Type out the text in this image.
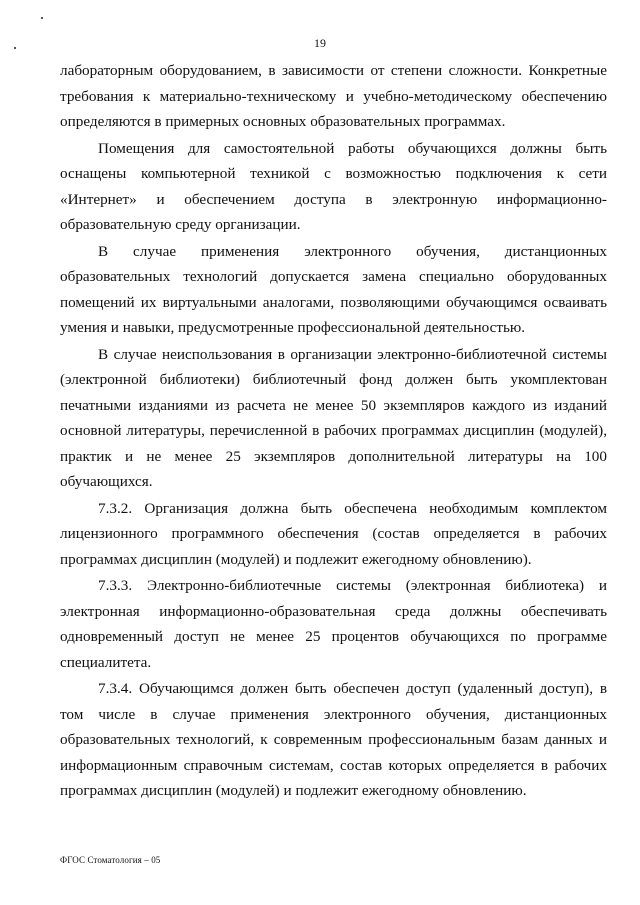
19

лабораторным оборудованием, в зависимости от степени сложности. Конкретные требования к материально-техническому и учебно-методическому обеспечению определяются в примерных основных образовательных программах.

Помещения для самостоятельной работы обучающихся должны быть оснащены компьютерной техникой с возможностью подключения к сети «Интернет» и обеспечением доступа в электронную информационно-образовательную среду организации.

В случае применения электронного обучения, дистанционных образовательных технологий допускается замена специально оборудованных помещений их виртуальными аналогами, позволяющими обучающимся осваивать умения и навыки, предусмотренные профессиональной деятельностью.

В случае неиспользования в организации электронно-библиотечной системы (электронной библиотеки) библиотечный фонд должен быть укомплектован печатными изданиями из расчета не менее 50 экземпляров каждого из изданий основной литературы, перечисленной в рабочих программах дисциплин (модулей), практик и не менее 25 экземпляров дополнительной литературы на 100 обучающихся.

7.3.2. Организация должна быть обеспечена необходимым комплектом лицензионного программного обеспечения (состав определяется в рабочих программах дисциплин (модулей) и подлежит ежегодному обновлению).

7.3.3. Электронно-библиотечные системы (электронная библиотека) и электронная информационно-образовательная среда должны обеспечивать одновременный доступ не менее 25 процентов обучающихся по программе специалитета.

7.3.4. Обучающимся должен быть обеспечен доступ (удаленный доступ), в том числе в случае применения электронного обучения, дистанционных образовательных технологий, к современным профессиональным базам данных и информационным справочным системам, состав которых определяется в рабочих программах дисциплин (модулей) и подлежит ежегодному обновлению.

ФГОС Стоматология – 05
